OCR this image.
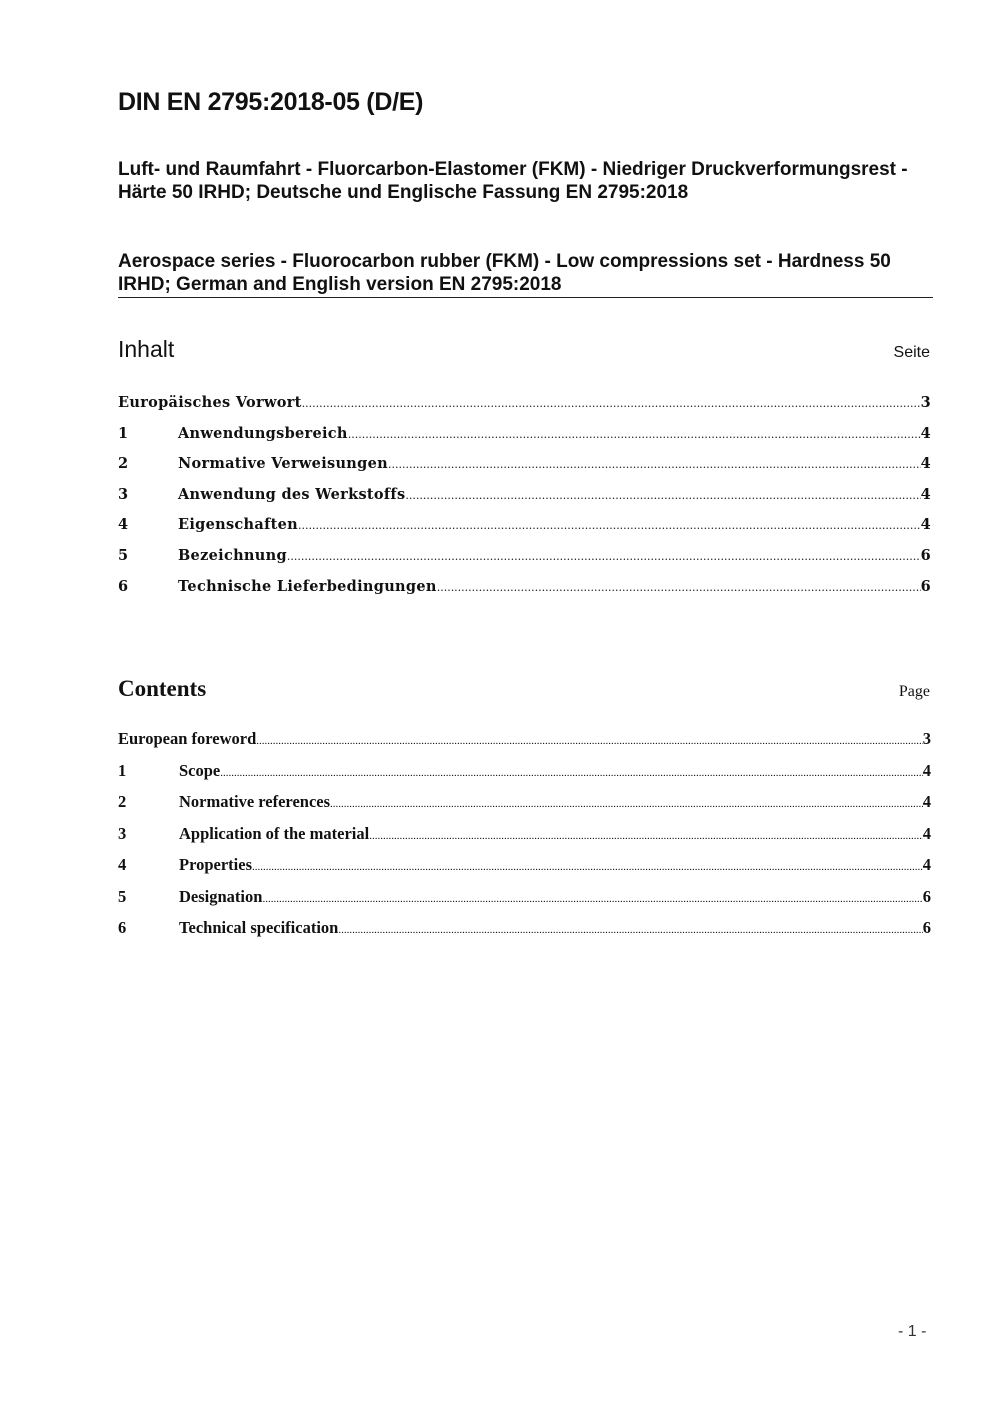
DIN EN 2795:2018-05 (D/E)

Luft- und Raumfahrt - Fluorcarbon-Elastomer (FKM) - Niedriger Druckverformungsrest - Härte 50 IRHD; Deutsche und Englische Fassung EN 2795:2018

Aerospace series - Fluorocarbon rubber (FKM) - Low compressions set - Hardness 50 IRHD; German and English version EN 2795:2018

Inhalt	Seite
Europäisches Vorwort .....	3
1	Anwendungsbereich .....	4
2	Normative Verweisungen .....	4
3	Anwendung des Werkstoffs .....	4
4	Eigenschaften .....	4
5	Bezeichnung .....	6
6	Technische Lieferbedingungen .....	6
Contents	Page
European foreword .....	3
1	Scope .....	4
2	Normative references .....	4
3	Application of the material .....	4
4	Properties .....	4
5	Designation .....	6
6	Technical specification .....	6

- 1 -
